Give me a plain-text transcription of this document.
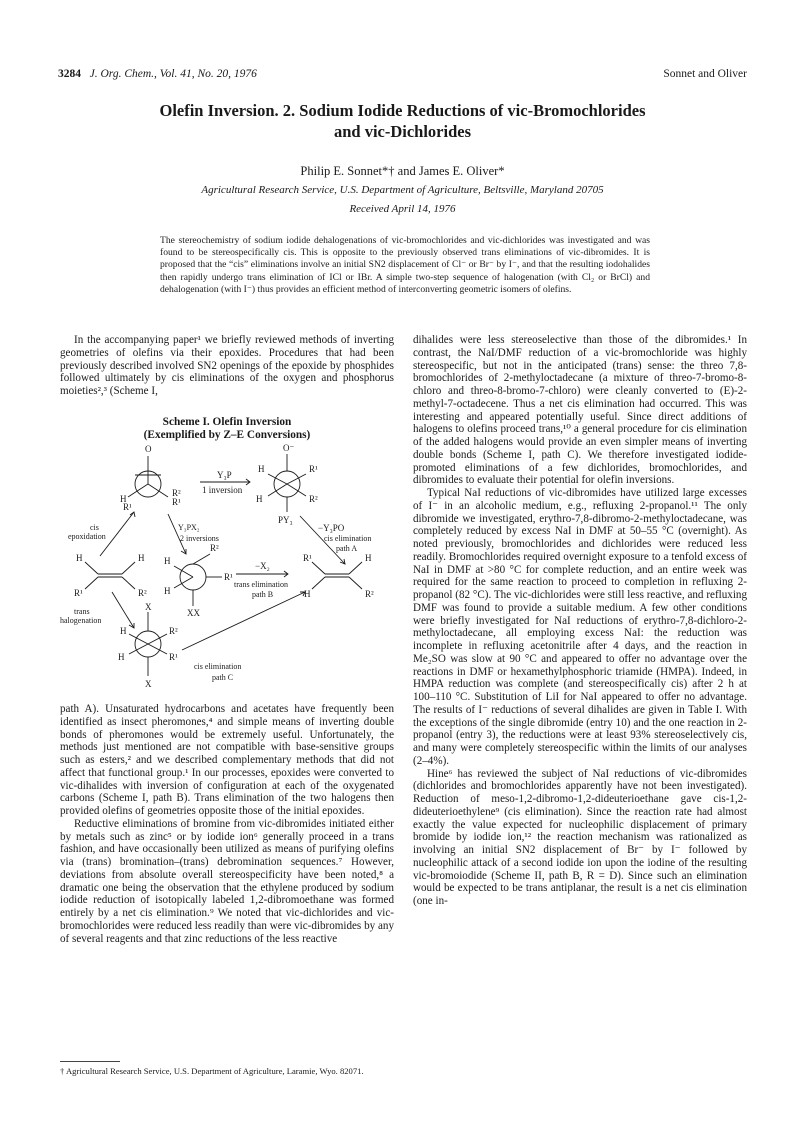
3284 J. Org. Chem., Vol. 41, No. 20, 1976	Sonnet and Oliver
Olefin Inversion. 2. Sodium Iodide Reductions of vic-Bromochlorides
and vic-Dichlorides
Philip E. Sonnet*† and James E. Oliver*
Agricultural Research Service, U.S. Department of Agriculture, Beltsville, Maryland 20705
Received April 14, 1976
The stereochemistry of sodium iodide dehalogenations of vic-bromochlorides and vic-dichlorides was investigated and was found to be stereospecifically cis. This is opposite to the previously observed trans eliminations of vic-dibromides. It is proposed that the “cis” eliminations involve an initial SN2 displacement of Cl⁻ or Br⁻ by I⁻, and that the resulting iodohalides then rapidly undergo trans elimination of ICl or IBr. A simple two-step sequence of halogenation (with Cl₂ or BrCl) and dehalogenation (with I⁻) thus provides an efficient method of interconverting geometric isomers of olefins.

In the accompanying paper¹ we briefly reviewed methods of inverting geometries of olefins via their epoxides. Procedures that had been previously described involved SN2 openings of the epoxide by phosphides followed ultimately by cis eliminations of the oxygen and phosphorus moieties²,³ (Scheme I,

Scheme I. Olefin Inversion
(Exemplified by Z–E Conversions)
O	O⁻
H
R¹
R²
R¹
H	R¹
H	R²
PY₃
Y₃P
1 inversion
−Y₃PO
cis elimination
path A
cis
epoxidation
Y₃PX₂
2 inversions
H	H
R¹	R²
H
H
R²
R¹
XX
−X₂
trans elimination
path B
R¹	H
H	R²
trans
halogenation
X
X
H	R²
H	R¹
cis elimination
path C

path A). Unsaturated hydrocarbons and acetates have frequently been identified as insect pheromones,⁴ and simple means of inverting double bonds of pheromones would be extremely useful. Unfortunately, the methods just mentioned are not compatible with base-sensitive groups such as esters,² and we described complementary methods that did not affect that functional group.¹ In our processes, epoxides were converted to vic-dihalides with inversion of configuration at each of the oxygenated carbons (Scheme I, path B). Trans elimination of the two halogens then provided olefins of geometries opposite those of the initial epoxides.

Reductive eliminations of bromine from vic-dibromides initiated either by metals such as zinc⁵ or by iodide ion⁶ generally proceed in a trans fashion, and have occasionally been utilized as means of purifying olefins via (trans) bromination–(trans) debromination sequences.⁷ However, deviations from absolute overall stereospecificity have been noted,⁸ a dramatic one being the observation that the ethylene produced by sodium iodide reduction of isotopically labeled 1,2-dibromoethane was formed entirely by a net cis elimination.⁹ We noted that vic-dichlorides and vic-bromochlorides were reduced less readily than were vic-dibromides by any of several reagents and that zinc reductions of the less reactive

† Agricultural Research Service, U.S. Department of Agriculture, Laramie, Wyo. 82071.

dihalides were less stereoselective than those of the dibromides.¹ In contrast, the NaI/DMF reduction of a vic-bromochloride was highly stereospecific, but not in the anticipated (trans) sense: the threo 7,8-bromochlorides of 2-methyloctadecane (a mixture of threo-7-bromo-8-chloro and threo-8-bromo-7-chloro) were cleanly converted to (E)-2-methyl-7-octadecene. Thus a net cis elimination had occurred. This was interesting and appeared potentially useful. Since direct additions of halogens to olefins proceed trans,¹⁰ a general procedure for cis elimination of the added halogens would provide an even simpler means of inverting double bonds (Scheme I, path C). We therefore investigated iodide-promoted eliminations of a few dichlorides, bromochlorides, and dibromides to evaluate their potential for olefin inversions.

Typical NaI reductions of vic-dibromides have utilized large excesses of I⁻ in an alcoholic medium, e.g., refluxing 2-propanol.¹¹ The only dibromide we investigated, erythro-7,8-dibromo-2-methyloctadecane, was completely reduced by excess NaI in DMF at 50–55 °C (overnight). As noted previously, bromochlorides and dichlorides were reduced less readily. Bromochlorides required overnight exposure to a tenfold excess of NaI in DMF at >80 °C for complete reduction, and an entire week was required for the same reaction to proceed to completion in refluxing 2-propanol (82 °C). The vic-dichlorides were still less reactive, and refluxing DMF was found to provide a suitable medium. A few other conditions were briefly investigated for NaI reductions of erythro-7,8-dichloro-2-methyloctadecane, all employing excess NaI: the reduction was incomplete in refluxing acetonitrile after 4 days, and the reaction in Me₂SO was slow at 90 °C and appeared to offer no advantage over the reactions in DMF or hexamethylphosphoric triamide (HMPA). Indeed, in HMPA reduction was complete (and stereospecifically cis) after 2 h at 100–110 °C. Substitution of LiI for NaI appeared to offer no advantage. The results of I⁻ reductions of several dihalides are given in Table I. With the exceptions of the single dibromide (entry 10) and the one reaction in 2-propanol (entry 3), the reductions were at least 93% stereoselectively cis, and many were completely stereospecific within the limits of our analyses (2–4%).

Hine⁶ has reviewed the subject of NaI reductions of vic-dibromides (dichlorides and bromochlorides apparently have not been investigated). Reduction of meso-1,2-dibromo-1,2-dideuterioethane gave cis-1,2-dideuterioethylene⁹ (cis elimination). Since the reaction rate had almost exactly the value expected for nucleophilic displacement of primary bromide by iodide ion,¹² the reaction mechanism was rationalized as involving an initial SN2 displacement of Br⁻ by I⁻ followed by nucleophilic attack of a second iodide ion upon the iodine of the resulting vic-bromoiodide (Scheme II, path B, R = D). Since such an elimination would be expected to be trans antiplanar, the result is a net cis elimination (one in-
